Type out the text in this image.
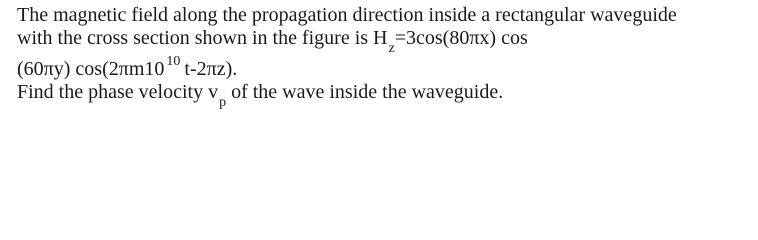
The magnetic field along the propagation direction inside a rectangular waveguide
with the cross section shown in the figure is $H_z=3\cos(80\pi x)$ cos
(60πy) cos(2πm10 $^{10}$ t-2πz).
Find the phase velocity $v_p$ of the wave inside the waveguide.
